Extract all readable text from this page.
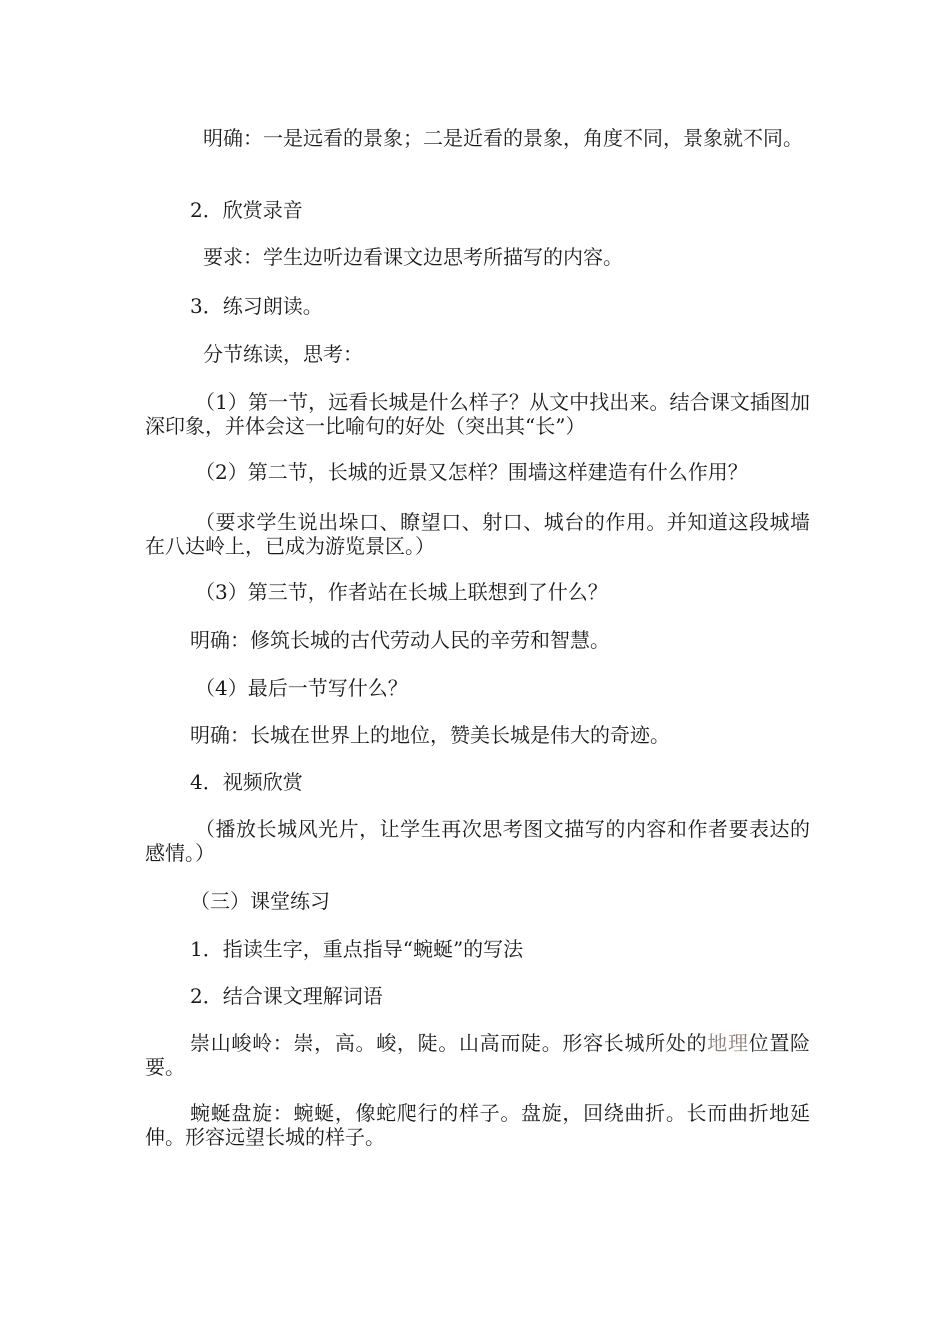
明确：一是远看的景象；二是近看的景象，角度不同，景象就不同。
2．欣赏录音
要求：学生边听边看课文边思考所描写的内容。
3．练习朗读。
分节练读，思考：
（1）第一节，远看长城是什么样子？从文中找出来。结合课文插图加深印象，并体会这一比喻句的好处（突出其“长”）
（2）第二节，长城的近景又怎样？围墙这样建造有什么作用？
（要求学生说出垛口、瞭望口、射口、城台的作用。并知道这段城墙在八达岭上，已成为游览景区。）
（3）第三节，作者站在长城上联想到了什么？
明确：修筑长城的古代劳动人民的辛劳和智慧。
（4）最后一节写什么？
明确：长城在世界上的地位，赞美长城是伟大的奇迹。
4．视频欣赏
（播放长城风光片，让学生再次思考图文描写的内容和作者要表达的感情。）
（三）课堂练习
1．指读生字，重点指导“蜿蜒”的写法
2．结合课文理解词语
崇山峻岭：崇，高。峻，陡。山高而陡。形容长城所处的地理位置险要。
蜿蜒盘旋：蜿蜒，像蛇爬行的样子。盘旋，回绕曲折。长而曲折地延伸。形容远望长城的样子。
